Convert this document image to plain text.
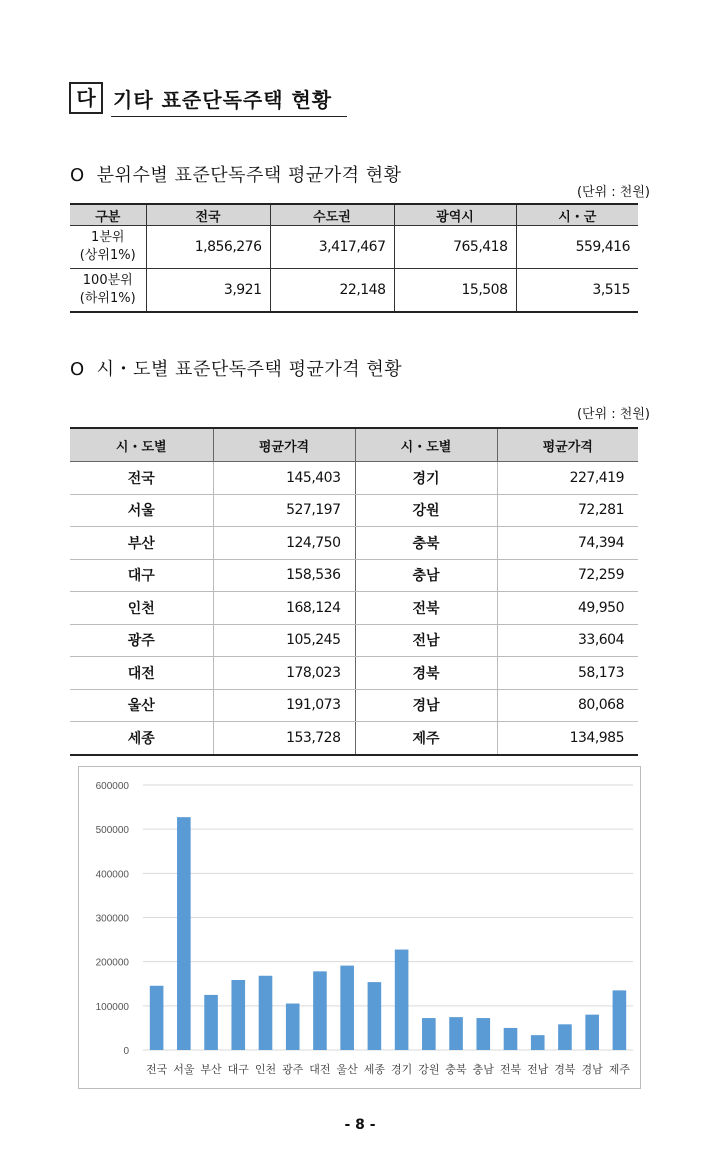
다 기타 표준단독주택 현황
O 분위수별 표준단독주택 평균가격 현황
(단위 : 천원)
구분	전국	수도권	광역시	시・군
1분위
(상위1%)	1,856,276	3,417,467	765,418	559,416
100분위
(하위1%)	3,921	22,148	15,508	3,515
O 시・도별 표준단독주택 평균가격 현황
(단위 : 천원)
시・도별	평균가격	시・도별	평균가격
전국	145,403	경기	227,419
서울	527,197	강원	72,281
부산	124,750	충북	74,394
대구	158,536	충남	72,259
인천	168,124	전북	49,950
광주	105,245	전남	33,604
대전	178,023	경북	58,173
울산	191,073	경남	80,068
세종	153,728	제주	134,985
0
100000
200000
300000
400000
500000
600000
전국 서울 부산 대구 인천 광주 대전 울산 세종 경기 강원 충북 충남 전북 전남 경북 경남 제주
- 8 -
